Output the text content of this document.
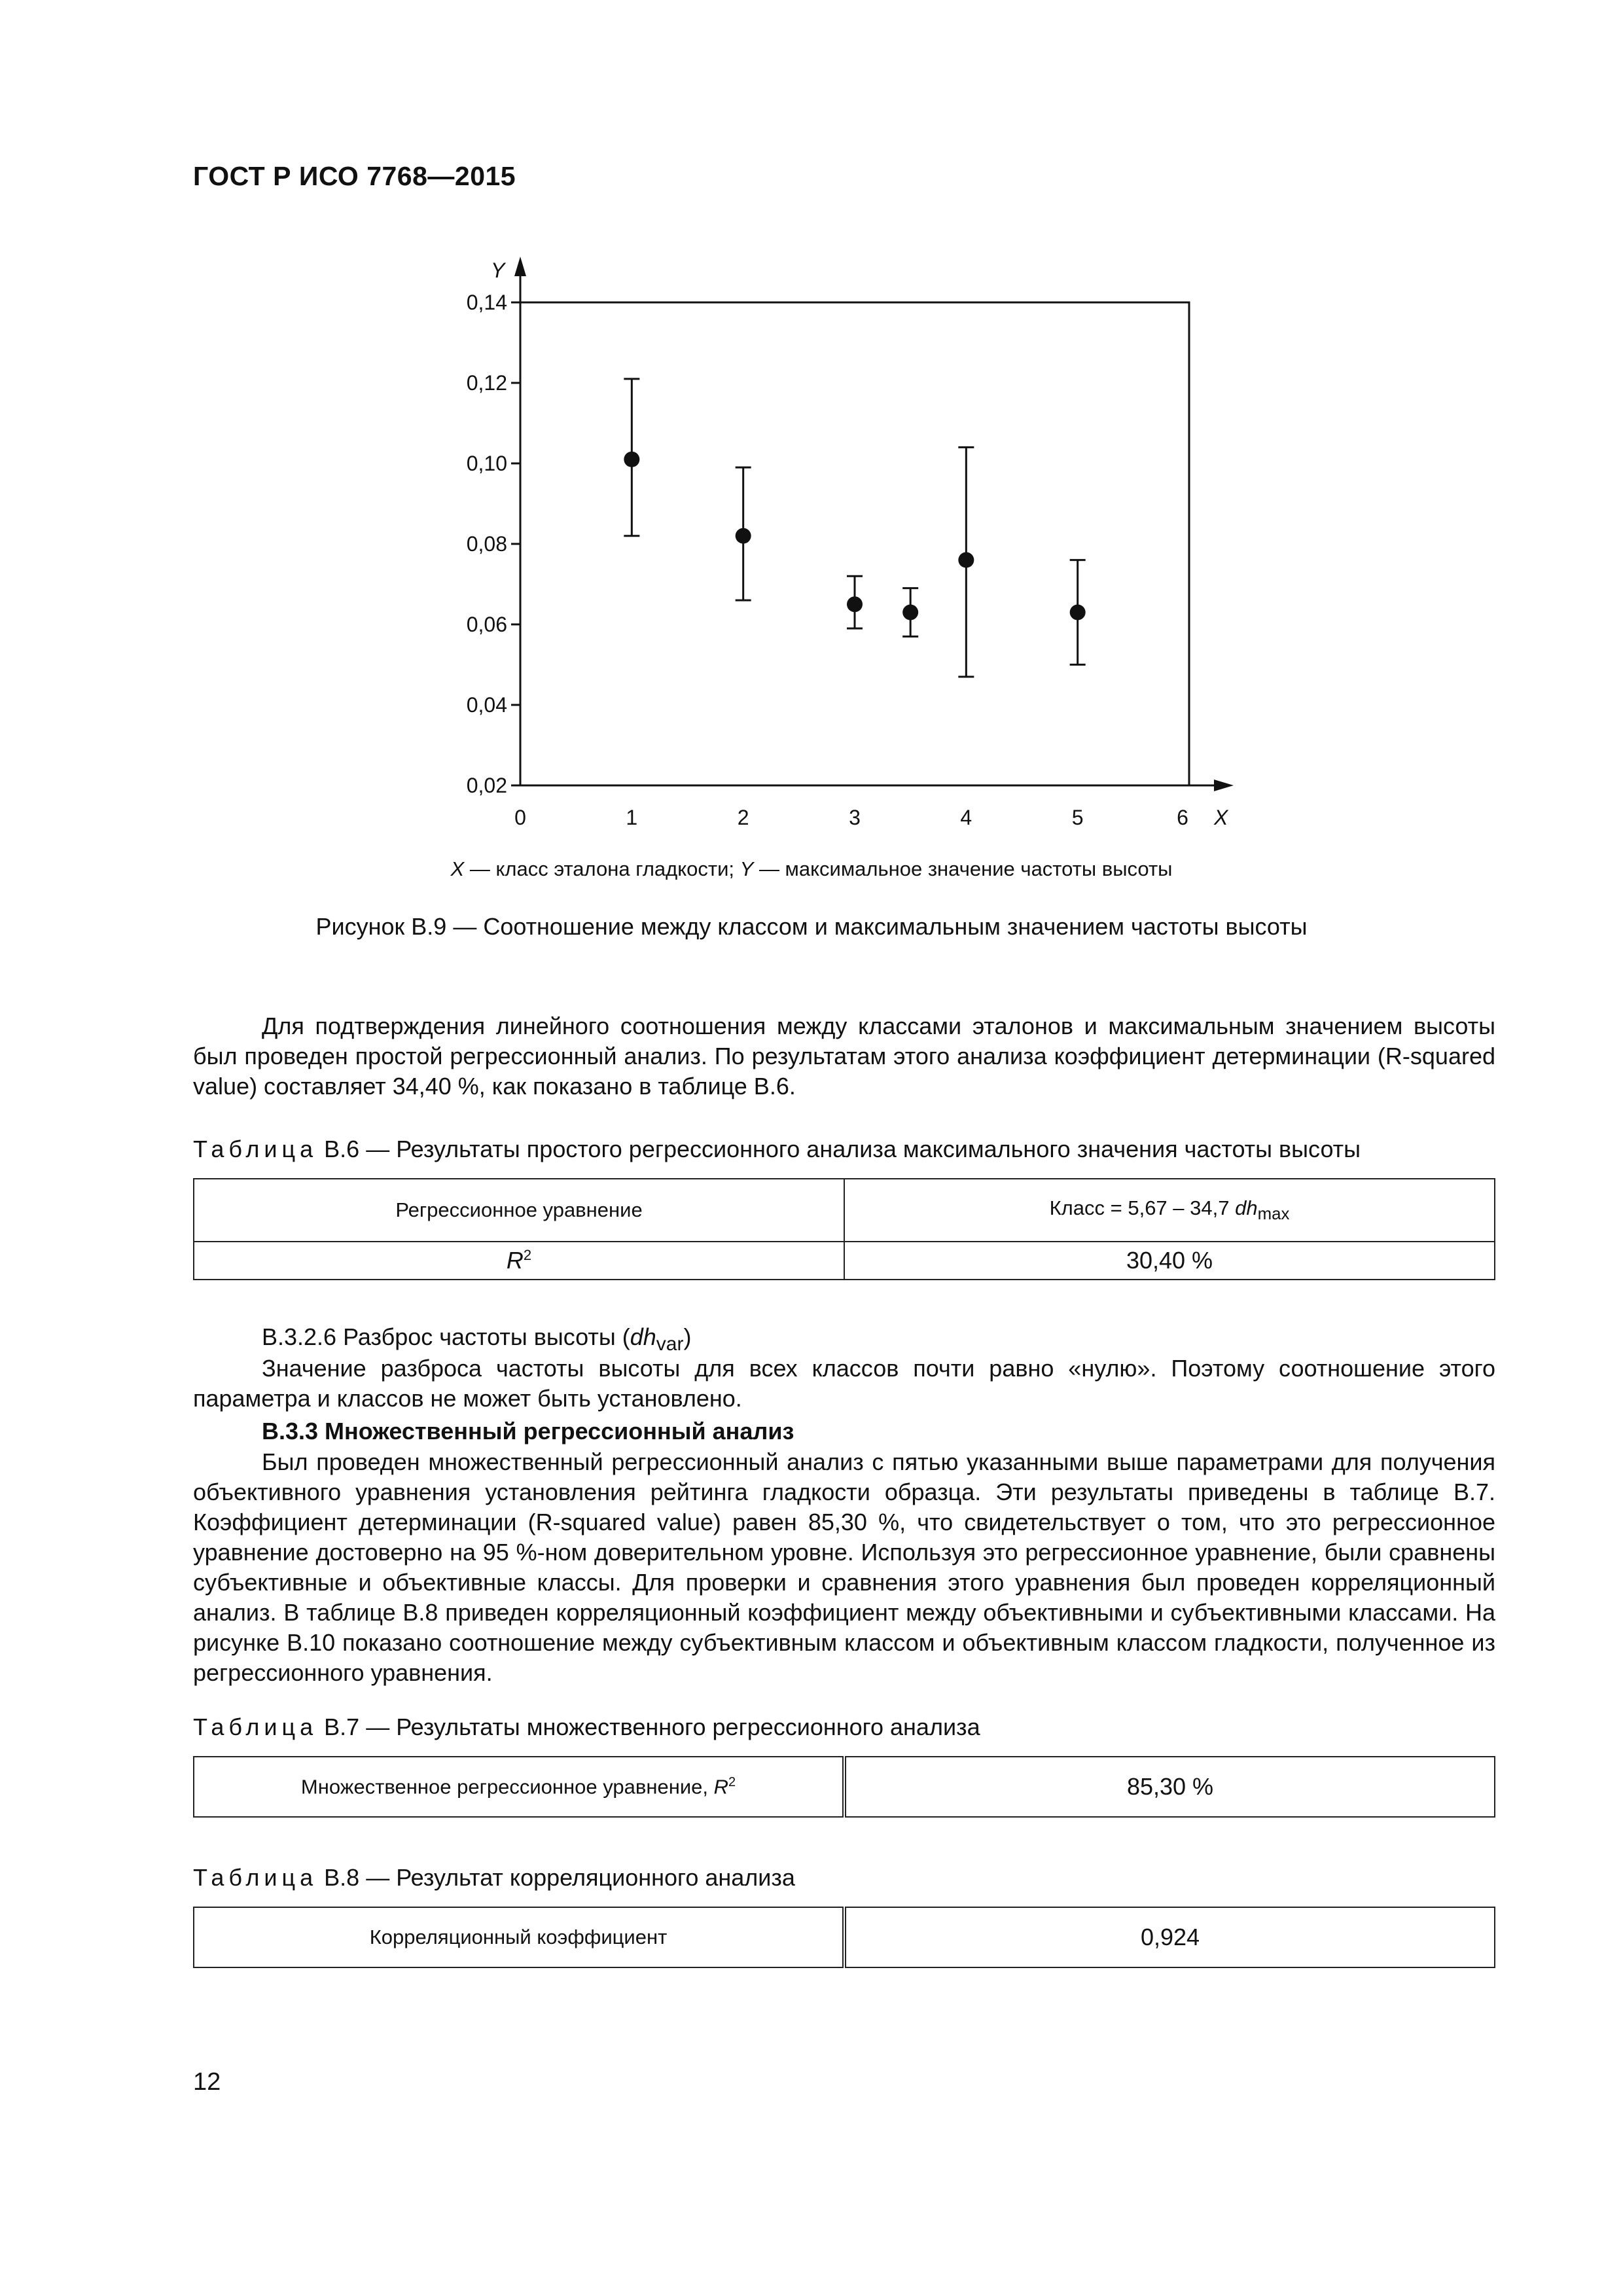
ГОСТ Р ИСО 7768—2015
Y
X
0	1	2	3	4	5	6
0,02
0,04
0,06
0,08
0,10
0,12
0,14
X — класс эталона гладкости; Y — максимальное значение частоты высоты
Рисунок В.9 — Соотношение между классом и максимальным значением частоты высоты
Для подтверждения линейного соотношения между классами эталонов и максимальным значением высоты был проведен простой регрессионный анализ. По результатам этого анализа коэффициент детерминации (R-squared value) составляет 34,40 %, как показано в таблице В.6.
Таблица В.6 — Результаты простого регрессионного анализа максимального значения частоты высоты
Регрессионное уравнение	Класс = 5,67 – 34,7 $dh_{max}$
$R^2$	30,40 %
В.3.2.6 Разброс частоты высоты $(dh_{var})$
Значение разброса частоты высоты для всех классов почти равно «нулю». Поэтому соотношение этого параметра и классов не может быть установлено.
В.3.3 Множественный регрессионный анализ
Был проведен множественный регрессионный анализ с пятью указанными выше параметрами для получения объективного уравнения установления рейтинга гладкости образца. Эти результаты приведены в таблице В.7. Коэффициент детерминации (R-squared value) равен 85,30 %, что свидетельствует о том, что это регрессионное уравнение достоверно на 95 %-ном доверительном уровне. Используя это регрессионное уравнение, были сравнены субъективные и объективные классы. Для проверки и сравнения этого уравнения был проведен корреляционный анализ. В таблице В.8 приведен корреляционный коэффициент между объективными и субъективными классами. На рисунке В.10 показано соотношение между субъективным классом и объективным классом гладкости, полученное из регрессионного уравнения.
Таблица В.7 — Результаты множественного регрессионного анализа
Множественное регрессионное уравнение, $R^2$	85,30 %
Таблица В.8 — Результат корреляционного анализа
Корреляционный коэффициент	0,924
12
